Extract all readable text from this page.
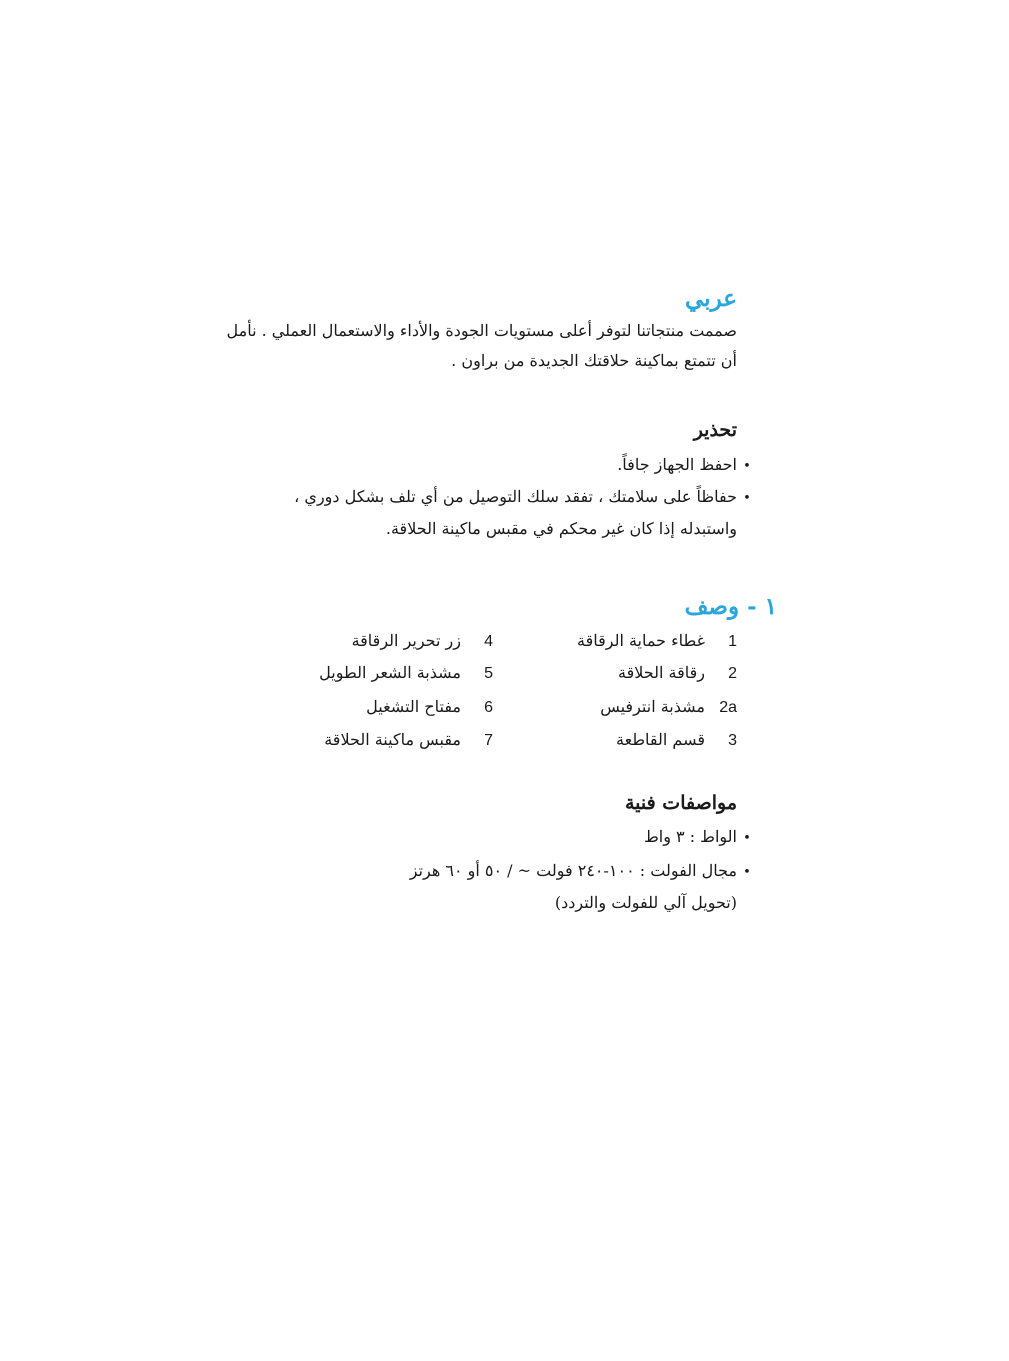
عربي
صممت منتجاتنا لتوفر أعلى مستويات الجودة والأداء والاستعمال العملي . نأمل
أن تتمتع بماكينة حلاقتك الجديدة من براون .
تحذير
•احفظ الجهاز جافاً.
•حفاظاً على سلامتك ، تفقد سلك التوصيل من أي تلف بشكل دوري ،
واستبدله إذا كان غير محكم في مقبس ماكينة الحلاقة.
١ - وصف
1غطاء حماية الرقاقة
2رقاقة الحلاقة
2aمشذبة انترفيس
3قسم القاطعة
4زر تحرير الرقاقة
5مشذبة الشعر الطويل
6مفتاح التشغيل
7مقبس ماكينة الحلاقة
مواصفات فنية
•الواط : ٣ واط
•مجال الفولت : ١٠٠-٢٤٠ فولت ~ / ٥٠ أو ٦٠ هرتز
(تحويل آلي للفولت والتردد)
